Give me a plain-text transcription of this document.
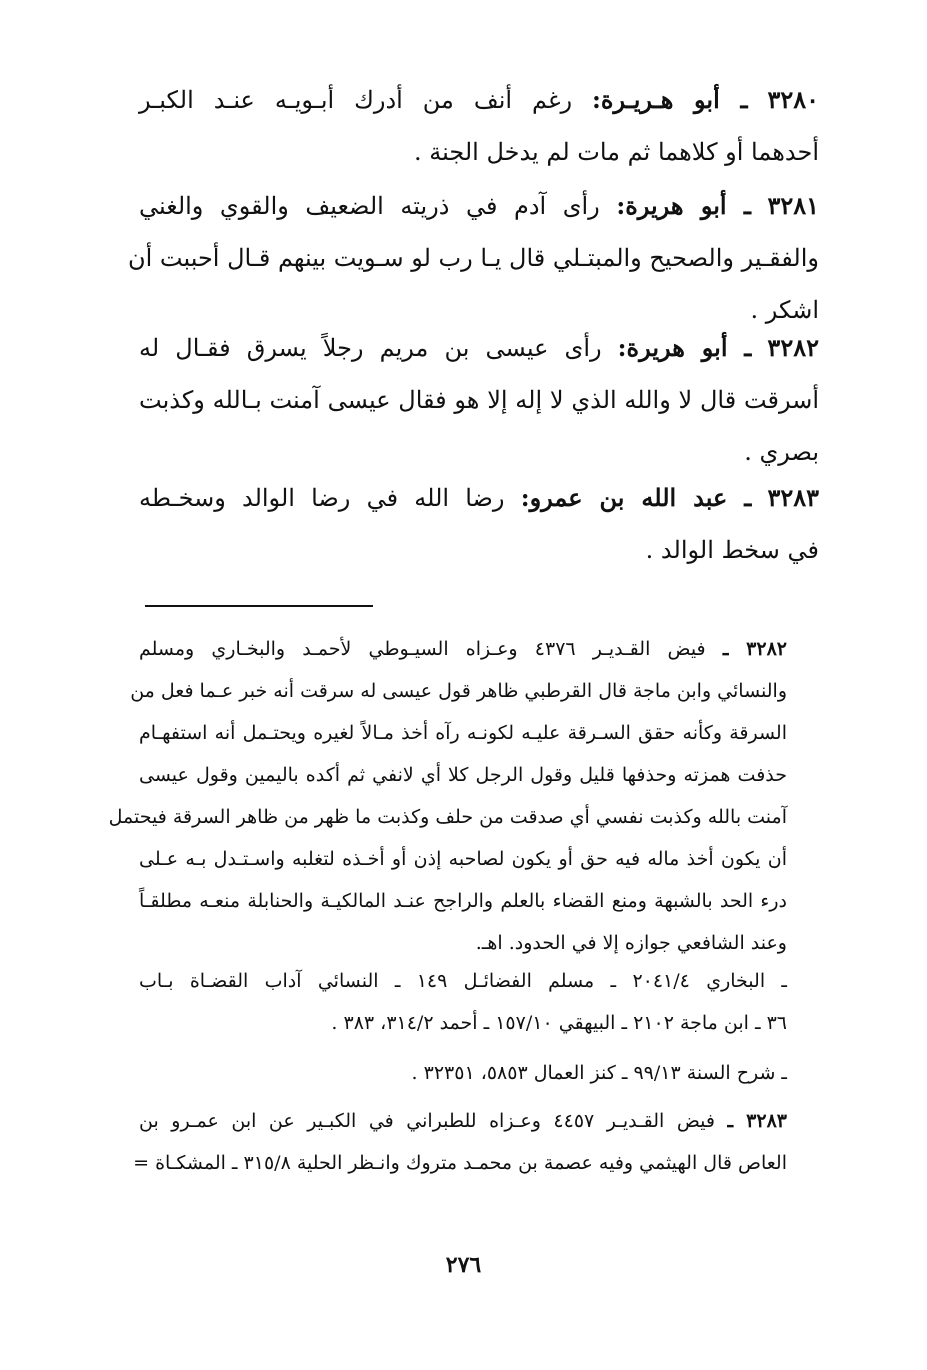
٣٢٨٠ ـ أبو هـريـرة: رغم أنف من أدرك أبـويـه عنـد الكبـر
أحدهما أو كلاهما ثم مات لم يدخل الجنة .
٣٢٨١ ـ أبو هريرة: رأى آدم في ذريته الضعيف والقوي والغني
والفقـير والصحيح والمبتـلي قال يـا رب لو سـويت بينهم قـال أحببت أن
اشكر .
٣٢٨٢ ـ أبو هريرة: رأى عيسى بن مريم رجلاً يسرق فقـال له
أسرقت قال لا والله الذي لا إله إلا هو فقال عيسى آمنت بـالله وكذبت
بصري .
٣٢٨٣ ـ عبد الله بن عمرو: رضا الله في رضا الوالد وسخـطه
في سخط الوالد .
٣٢٨٢ ـ فيض القـديـر ٤٣٧٦ وعـزاه السيـوطي لأحمـد والبخـاري ومسلم
والنسائي وابن ماجة قال القرطبي ظاهر قول عيسى له سرقت أنه خبر عـما فعل من
السرقة وكأنه حقق السـرقة عليـه لكونـه رآه أخذ مـالاً لغيره ويحتـمل أنه استفهـام
حذفت همزته وحذفها قليل وقول الرجل كلا أي لانفي ثم أكده باليمين وقول عيسى
آمنت بالله وكذبت نفسي أي صدقت من حلف وكذبت ما ظهر من ظاهر السرقة فيحتمل
أن يكون أخذ ماله فيه حق أو يكون لصاحبه إذن أو أخـذه لتغلبه واسـتـدل بـه عـلى
درء الحد بالشبهة ومنع القضاء بالعلم والراجح عنـد المالكيـة والحنابلة منعـه مطلقـاً
وعند الشافعي جوازه إلا في الحدود. اهـ.
ـ البخاري ٢٠٤١/٤ ـ مسلم الفضائـل ١٤٩ ـ النسائي آداب القضـاة بـاب
٣٦ ـ ابن ماجة ٢١٠٢ ـ البيهقي ١٥٧/١٠ ـ أحمد ٣١٤/٢، ٣٨٣ .
ـ شرح السنة ٩٩/١٣ ـ كنز العمال ٥٨٥٣، ٣٢٣٥١ .
٣٢٨٣ ـ فيض القـديـر ٤٤٥٧ وعـزاه للطبراني في الكبـير عن ابن عمـرو بن
العاص قال الهيثمي وفيه عصمة بن محمـد متروك وانـظر الحلية ٣١٥/٨ ـ المشكـاة =
٢٧٦
